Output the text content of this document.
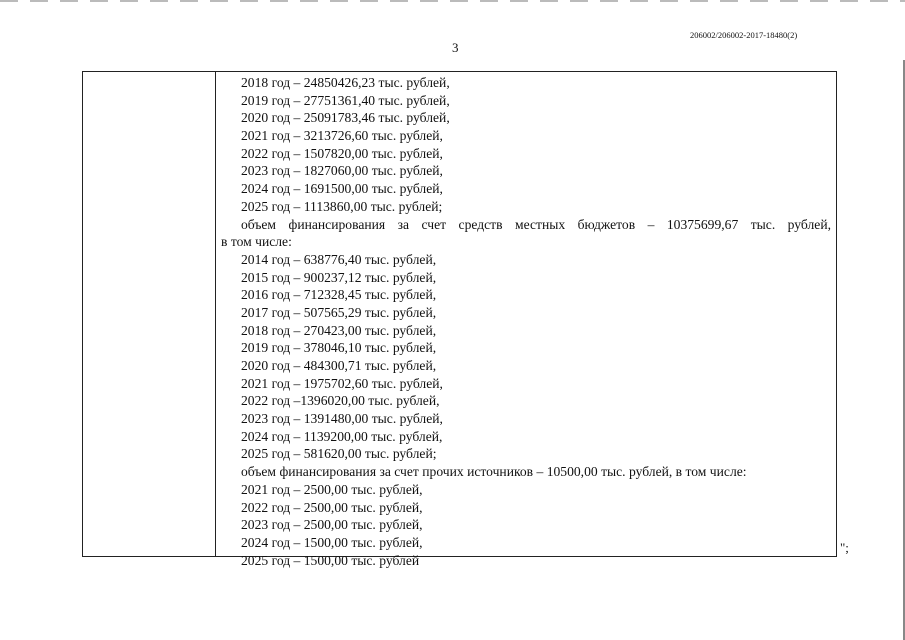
206002/206002-2017-18480(2)
3
2018 год – 24850426,23 тыс. рублей,
2019 год – 27751361,40 тыс. рублей,
2020 год – 25091783,46 тыс. рублей,
2021 год – 3213726,60 тыс. рублей,
2022 год – 1507820,00 тыс. рублей,
2023 год – 1827060,00 тыс. рублей,
2024 год – 1691500,00 тыс. рублей,
2025 год – 1113860,00 тыс. рублей;
объем финансирования за счет средств местных бюджетов – 10375699,67 тыс. рублей,
в том числе:
2014 год – 638776,40 тыс. рублей,
2015 год – 900237,12 тыс. рублей,
2016 год – 712328,45 тыс. рублей,
2017 год – 507565,29 тыс. рублей,
2018 год – 270423,00 тыс. рублей,
2019 год – 378046,10 тыс. рублей,
2020 год – 484300,71 тыс. рублей,
2021 год – 1975702,60 тыс. рублей,
2022 год –1396020,00 тыс. рублей,
2023 год – 1391480,00 тыс. рублей,
2024 год – 1139200,00 тыс. рублей,
2025 год – 581620,00 тыс. рублей;
объем финансирования за счет прочих источников – 10500,00 тыс. рублей, в том числе:
2021 год – 2500,00 тыс. рублей,
2022 год – 2500,00 тыс. рублей,
2023 год – 2500,00 тыс. рублей,
2024 год – 1500,00 тыс. рублей,
2025 год – 1500,00 тыс. рублей
";
